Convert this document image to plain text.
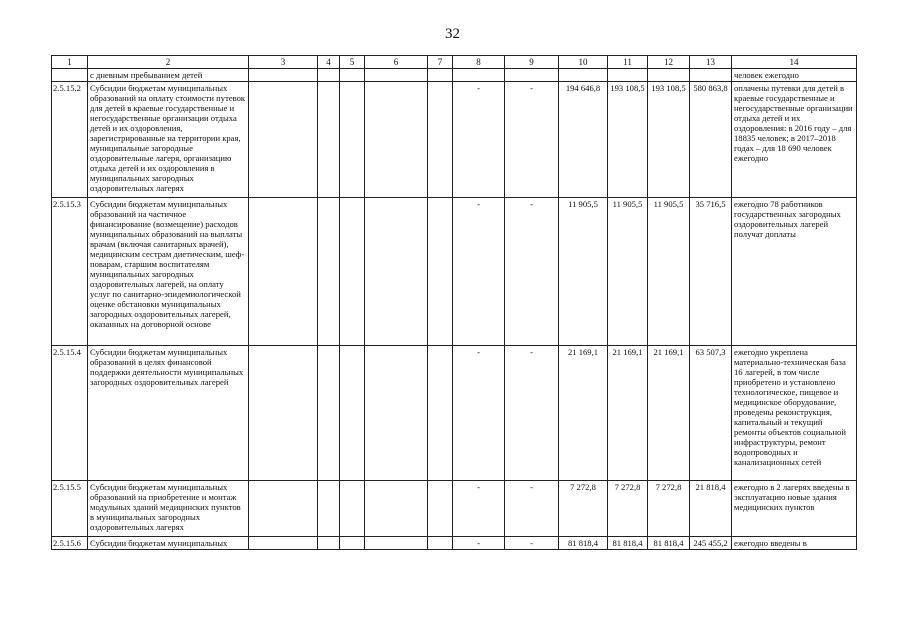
32
1	2	3	4	5	6	7	8	9	10	11	12	13	14
	с дневным пребыванием детей												человек ежегодно
2.5.15.2	Субсидии бюджетам муниципальных образований на оплату стоимости путевок для детей в краевые государственные и негосударственные организации отдыха детей и их оздоровления, зарегистрированные на территории края, муниципальные загородные оздоровительные лагеря, организацию отдыха детей и их оздоровления в муниципальных загородных оздоровительных лагерях						-	-	194 646,8	193 108,5	193 108,5	580 863,8	оплачены путевки для детей в краевые государственные и негосударственные организации отдыха детей и их оздоровления: в 2016 году – для 18835 человек; в 2017–2018 годах – для 18 690 человек ежегодно
2.5.15.3	Субсидии бюджетам муниципальных образований на частичное финансирование (возмещение) расходов муниципальных образований на выплаты врачам (включая санитарных врачей), медицинским сестрам диетическим, шеф-поварам, старшим воспитателям муниципальных загородных оздоровительных лагерей, на оплату услуг по санитарно-эпидемиологической оценке обстановки муниципальных загородных оздоровительных лагерей, оказанных на договорной основе						-	-	11 905,5	11 905,5	11 905,5	35 716,5	ежегодно 78 работников государственных загородных оздоровительных лагерей получат доплаты
2.5.15.4	Субсидии бюджетам муниципальных образований в целях финансовой поддержки деятельности муниципальных загородных оздоровительных лагерей						-	-	21 169,1	21 169,1	21 169,1	63 507,3	ежегодно укреплена материально-техническая база 16 лагерей, в том числе приобретено и установлено технологическое, пищевое и медицинское оборудование, проведены реконструкция, капитальный и текущий ремонты объектов социальной инфраструктуры, ремонт водопроводных и канализационных сетей
2.5.15.5	Субсидии бюджетам муниципальных образований на приобретение и монтаж модульных зданий медицинских пунктов в муниципальных загородных оздоровительных лагерях						-	-	7 272,8	7 272,8	7 272,8	21 818,4	ежегодно в 2 лагерях введены в эксплуатацию новые здания медицинских пунктов
2.5.15.6	Субсидии бюджетам муниципальных						-	-	81 818,4	81 818,4	81 818,4	245 455,2	ежегодно введены в
